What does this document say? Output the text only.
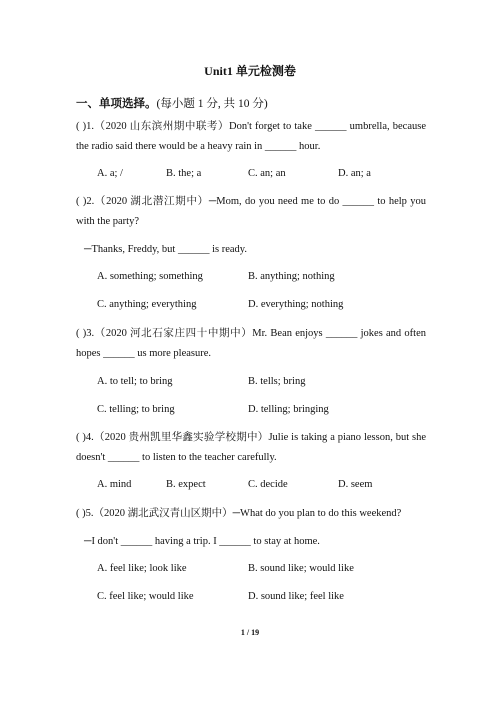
Unit1 单元检测卷
一、单项选择。(每小题 1 分, 共 10 分)
( )1.（2020 山东滨州期中联考）Don't forget to take ______ umbrella, because
the radio said there would be a heavy rain in ______ hour.
A. a; /	B. the; a	C. an; an	D. an; a
( )2.（2020 湖北潜江期中）─Mom, do you need me to do ______ to help you
with the party?
─Thanks, Freddy, but ______ is ready.
A. something; something	B. anything; nothing
C. anything; everything	D. everything; nothing
( )3.（2020 河北石家庄四十中期中）Mr. Bean enjoys ______ jokes and often
hopes ______ us more pleasure.
A. to tell; to bring	B. tells; bring
C. telling; to bring	D. telling; bringing
( )4.（2020 贵州凯里华鑫实验学校期中）Julie is taking a piano lesson, but she
doesn't ______ to listen to the teacher carefully.
A. mind	B. expect	C. decide	D. seem
( )5.（2020 湖北武汉青山区期中）─What do you plan to do this weekend?
─I don't ______ having a trip. I ______ to stay at home.
A. feel like; look like	B. sound like; would like
C. feel like; would like	D. sound like; feel like
1 / 19
